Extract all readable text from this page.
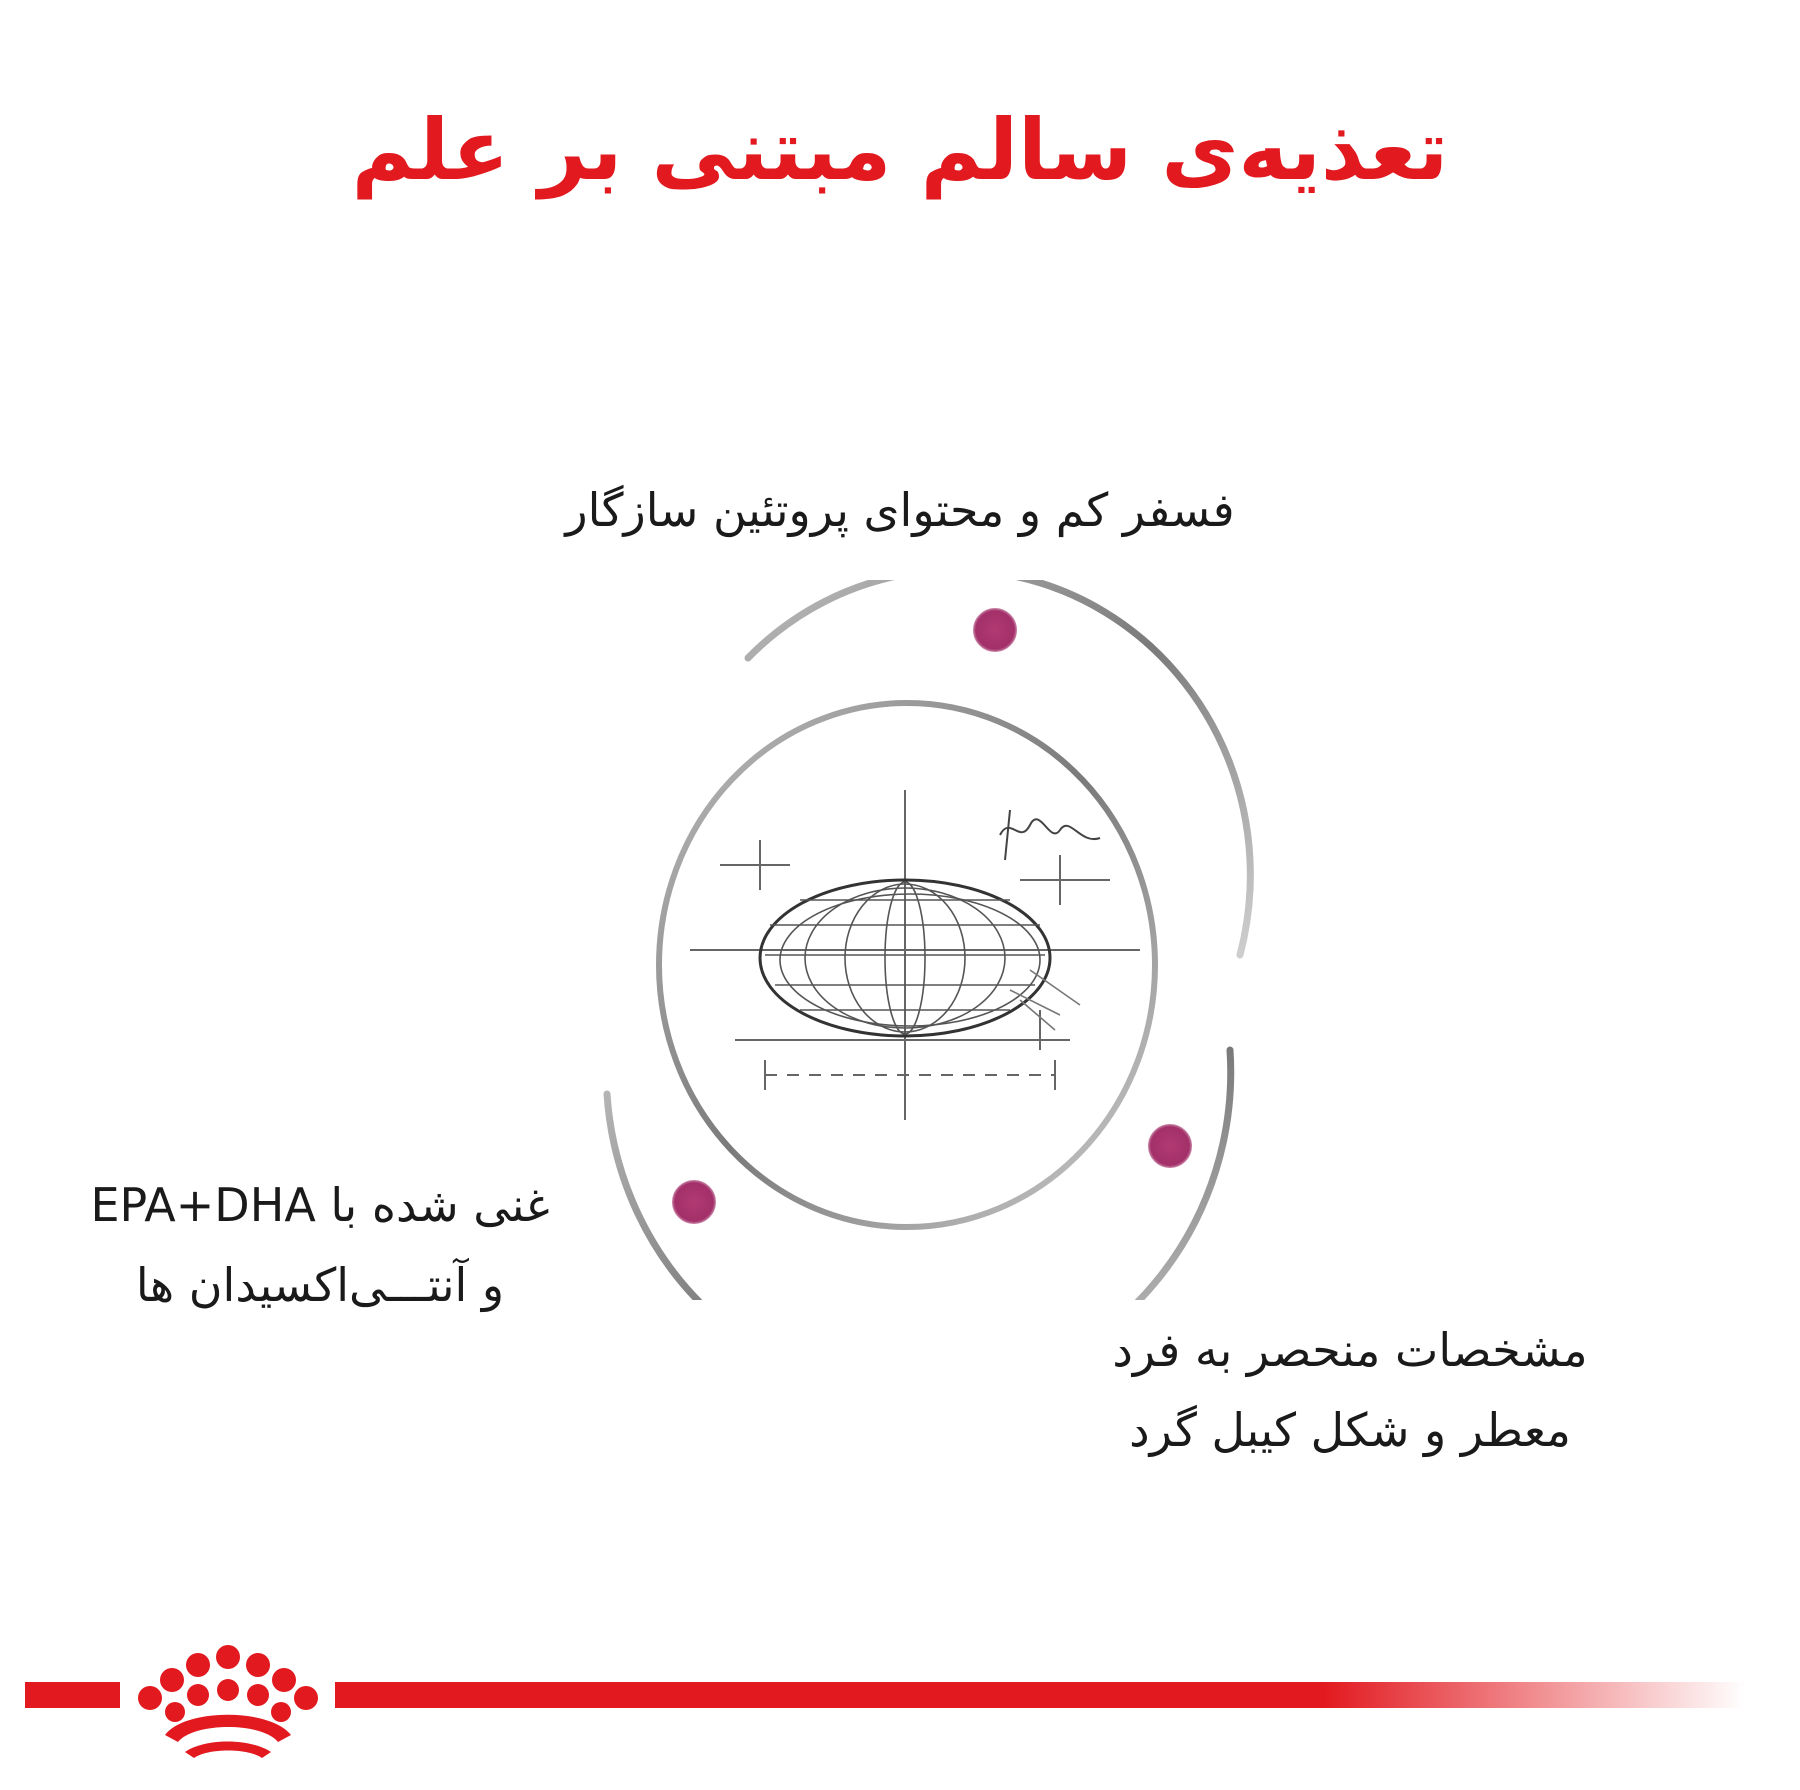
تعذیه‌ی سالم مبتنی بر علم

فسفر کم و محتوای پروتئین سازگار

غنی شده با EPA+DHA

و آنتـــی‌اکسیدان ها

مشخصات منحصر به فرد

معطر و شکل کیبل گرد
